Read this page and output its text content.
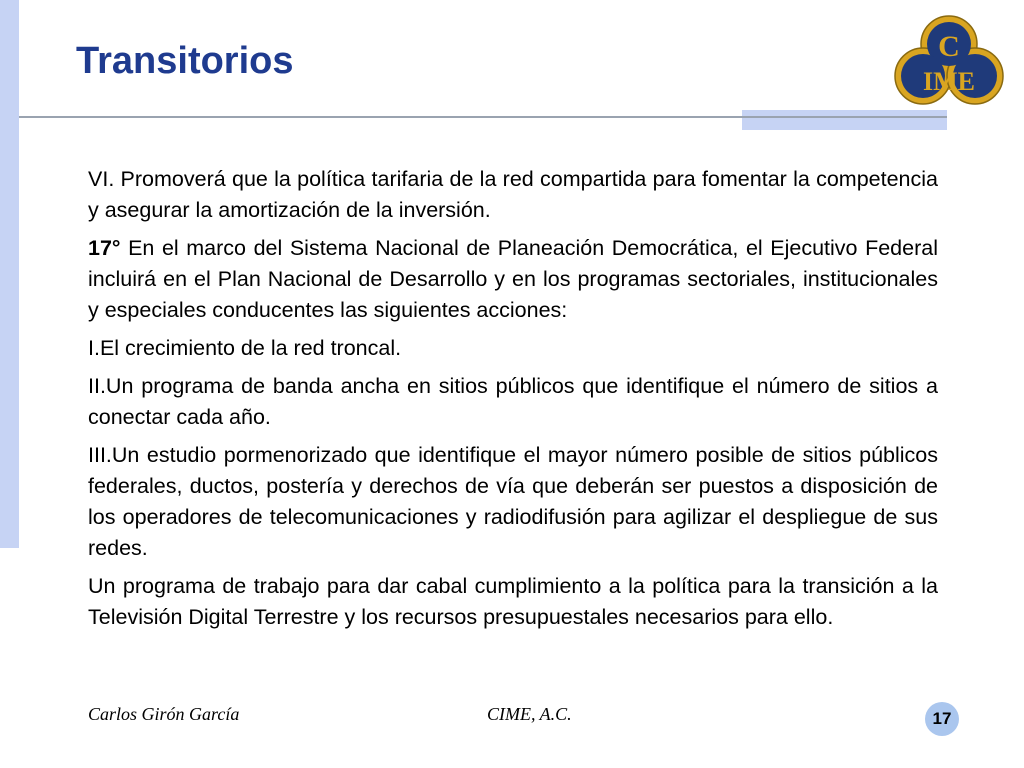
Transitorios	C
IME

VI. Promoverá que la política tarifaria de la red compartida para fomentar la competencia y asegurar la amortización de la inversión.

17° En el marco del Sistema Nacional de Planeación Democrática, el Ejecutivo Federal incluirá en el Plan Nacional de Desarrollo y en los programas sectoriales, institucionales y especiales conducentes las siguientes acciones:

I.El crecimiento de la red troncal.

II.Un programa de banda ancha en sitios públicos que identifique el número de sitios a conectar cada año.

III.Un estudio pormenorizado que identifique el mayor número posible de sitios públicos federales, ductos, postería y derechos de vía que deberán ser puestos a disposición de los operadores de telecomunicaciones y radiodifusión para agilizar el despliegue de sus redes.

Un programa de trabajo para dar cabal cumplimiento a la política para la transición a la Televisión Digital Terrestre y los recursos presupuestales necesarios para ello.

Carlos Girón García	CIME, A.C.	17
